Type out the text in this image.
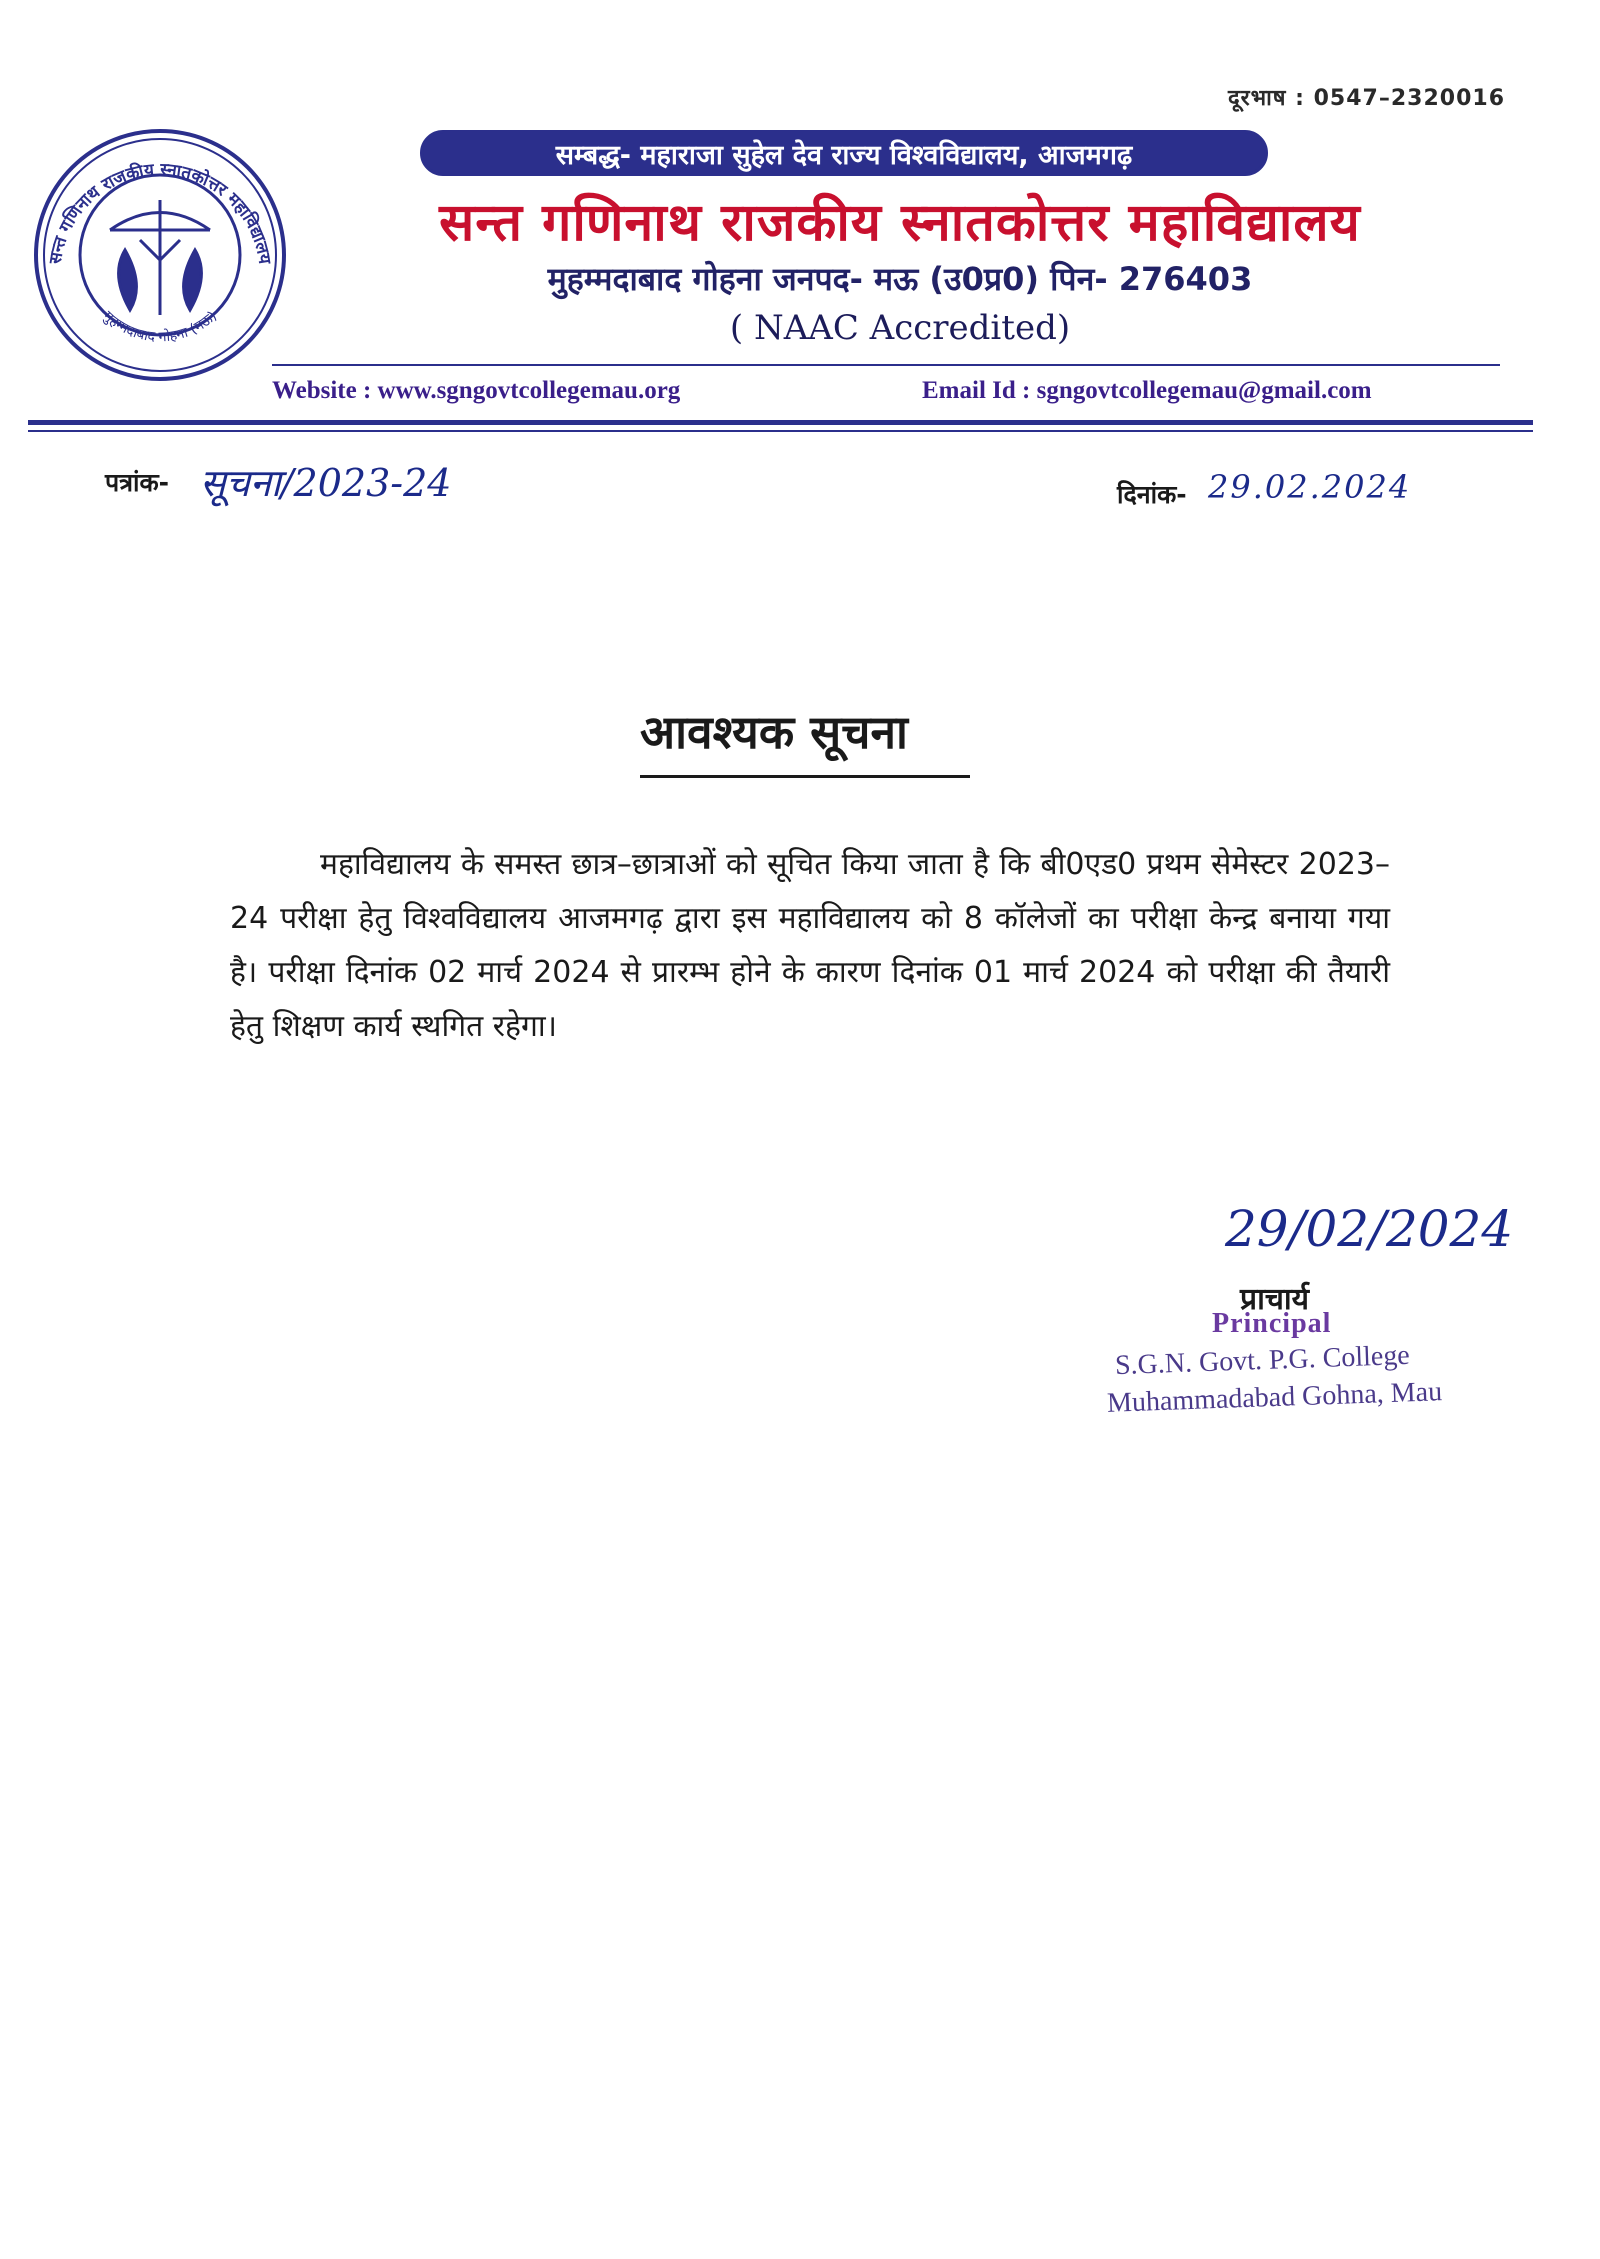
दूरभाष : 0547–2320016
सन्त गणिनाथ राजकीय स्नातकोत्तर महाविद्यालय
मुहम्मदाबाद गोहना (मऊ)
सम्बद्ध- महाराजा सुहेल देव राज्य विश्वविद्यालय, आजमगढ़
सन्त गणिनाथ राजकीय स्नातकोत्तर महाविद्यालय
मुहम्मदाबाद गोहना जनपद- मऊ (उ0प्र0) पिन- 276403
( NAAC Accredited)
Website : www.sgngovtcollegemau.org	Email Id : sgngovtcollegemau@gmail.com
पत्रांक- सूचना/2023-24	दिनांक- 29.02.2024
आवश्यक सूचना
महाविद्यालय के समस्त छात्र–छात्राओं को सूचित किया जाता है कि बी0एड0 प्रथम सेमेस्टर 2023–24 परीक्षा हेतु विश्वविद्यालय आजमगढ़ द्वारा इस महाविद्यालय को 8 कॉलेजों का परीक्षा केन्द्र बनाया गया है। परीक्षा दिनांक 02 मार्च 2024 से प्रारम्भ होने के कारण दिनांक 01 मार्च 2024 को परीक्षा की तैयारी हेतु शिक्षण कार्य स्थगित रहेगा।
29/02/2024
प्राचार्य
Principal
S.G.N. Govt. P.G. College
Muhammadabad Gohna, Mau
